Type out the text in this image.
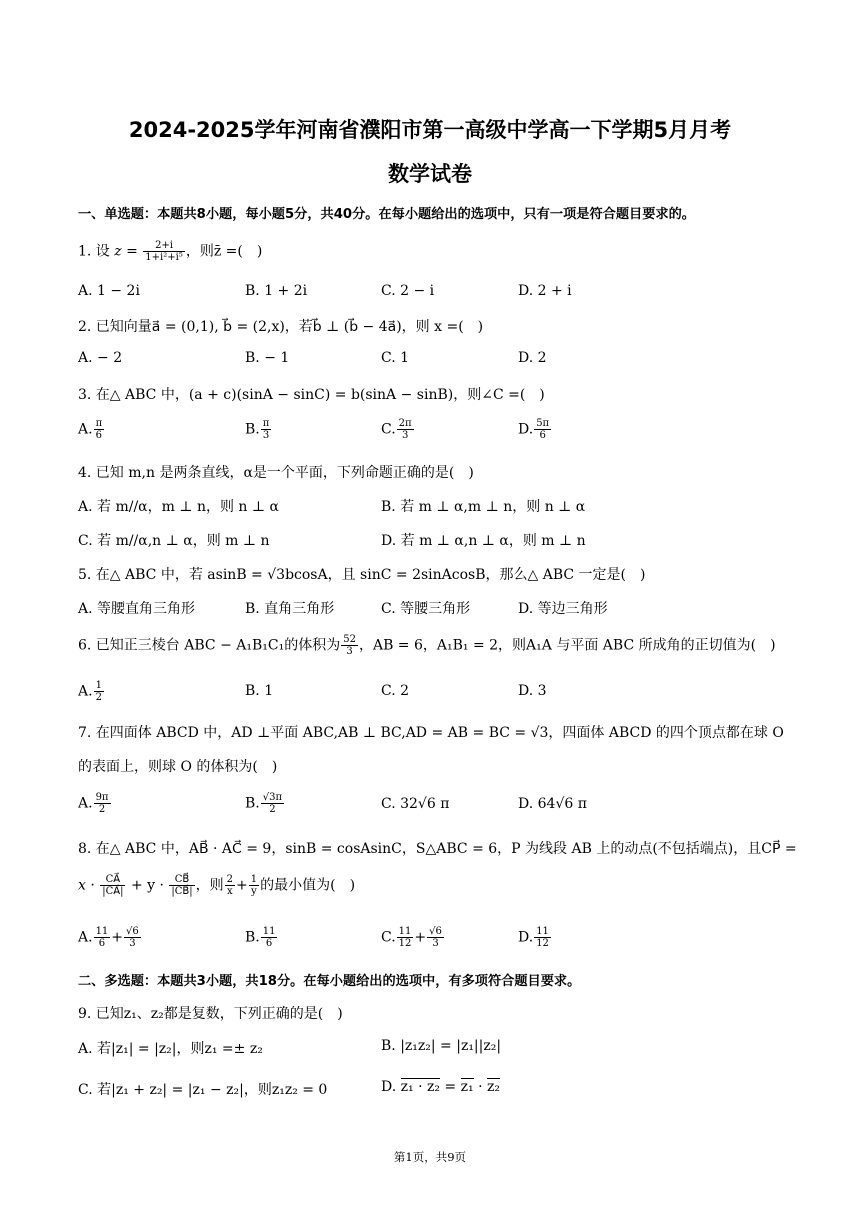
2024-2025学年河南省濮阳市第一高级中学高一下学期5月月考
数学试卷
一、单选题：本题共8小题，每小题5分，共40分。在每小题给出的选项中，只有一项是符合题目要求的。
1. 设 $z = \frac{2+i}{\text{1+i²+i⁵}}$ ，则z̄ =( )
A. 1 − 2i	B. 1 + 2i	C. 2 − i	D. 2 + i
2. 已知向量a⃗ = (0,1), b⃗ = (2,x)，若b⃗ ⊥ (b⃗ − 4a⃗)，则 x =( )
A. − 2	B. − 1	C. 1	D. 2
3. 在△ ABC 中，(a + c)(sinA − sinC) = b(sinA − sinB)，则∠C =( )
A. $\frac{\pi}{6}$	B. $\frac{\pi}{3}$	C. $\frac{2\pi}{3}$	D. $\frac{5\pi}{6}$
4. 已知 m,n 是两条直线，α是一个平面，下列命题正确的是( )
A. 若 m//α，m ⊥ n，则 n ⊥ α	B. 若 m ⊥ α,m ⊥ n，则 n ⊥ α
C. 若 m//α,n ⊥ α，则 m ⊥ n	D. 若 m ⊥ α,n ⊥ α，则 m ⊥ n
5. 在△ ABC 中，若 asinB = √3bcosA，且 sinC = 2sinAcosB，那么△ ABC 一定是( )
A. 等腰直角三角形	B. 直角三角形	C. 等腰三角形	D. 等边三角形
6. 已知正三棱台 ABC − A₁B₁C₁的体积为 $\frac{52}{3}$ ，AB = 6，A₁B₁ = 2，则A₁A 与平面 ABC 所成角的正切值为( )
A. $\frac{1}{2}$	B. 1	C. 2	D. 3
7. 在四面体 ABCD 中，AD ⊥平面 ABC,AB ⊥ BC,AD = AB = BC = √3，四面体 ABCD 的四个顶点都在球 O
的表面上，则球 O 的体积为( )
A. $\frac{9\pi}{2}$	B. $\frac{√3\pi}{2}$	C. 32√6 π	D. 64√6 π
8. 在△ ABC 中，AB⃗ · AC⃗ = 9，sinB = cosAsinC，S△ABC = 6，P 为线段 AB 上的动点(不包括端点)，且CP⃗ =
$x \cdot \frac{CA⃗}{|CA⃗|} + y \cdot \frac{CB⃗}{|CB⃗|}$ ，则 $\frac{2}{x} + \frac{1}{y}$ 的最小值为( )
A. $\frac{11}{6} + \frac{√6}{3}$	B. $\frac{11}{6}$	C. $\frac{11}{12} + \frac{√6}{3}$	D. $\frac{11}{12}$
二、多选题：本题共3小题，共18分。在每小题给出的选项中，有多项符合题目要求。
9. 已知z₁、z₂都是复数，下列正确的是( )
A. 若|z₁| = |z₂|，则z₁ =± z₂	B. |z₁z₂| = |z₁||z₂|
C. 若|z₁ + z₂| = |z₁ − z₂|，则z₁z₂ = 0	D. z₁ · z₂ = z₁ · z₂
第1页，共9页
